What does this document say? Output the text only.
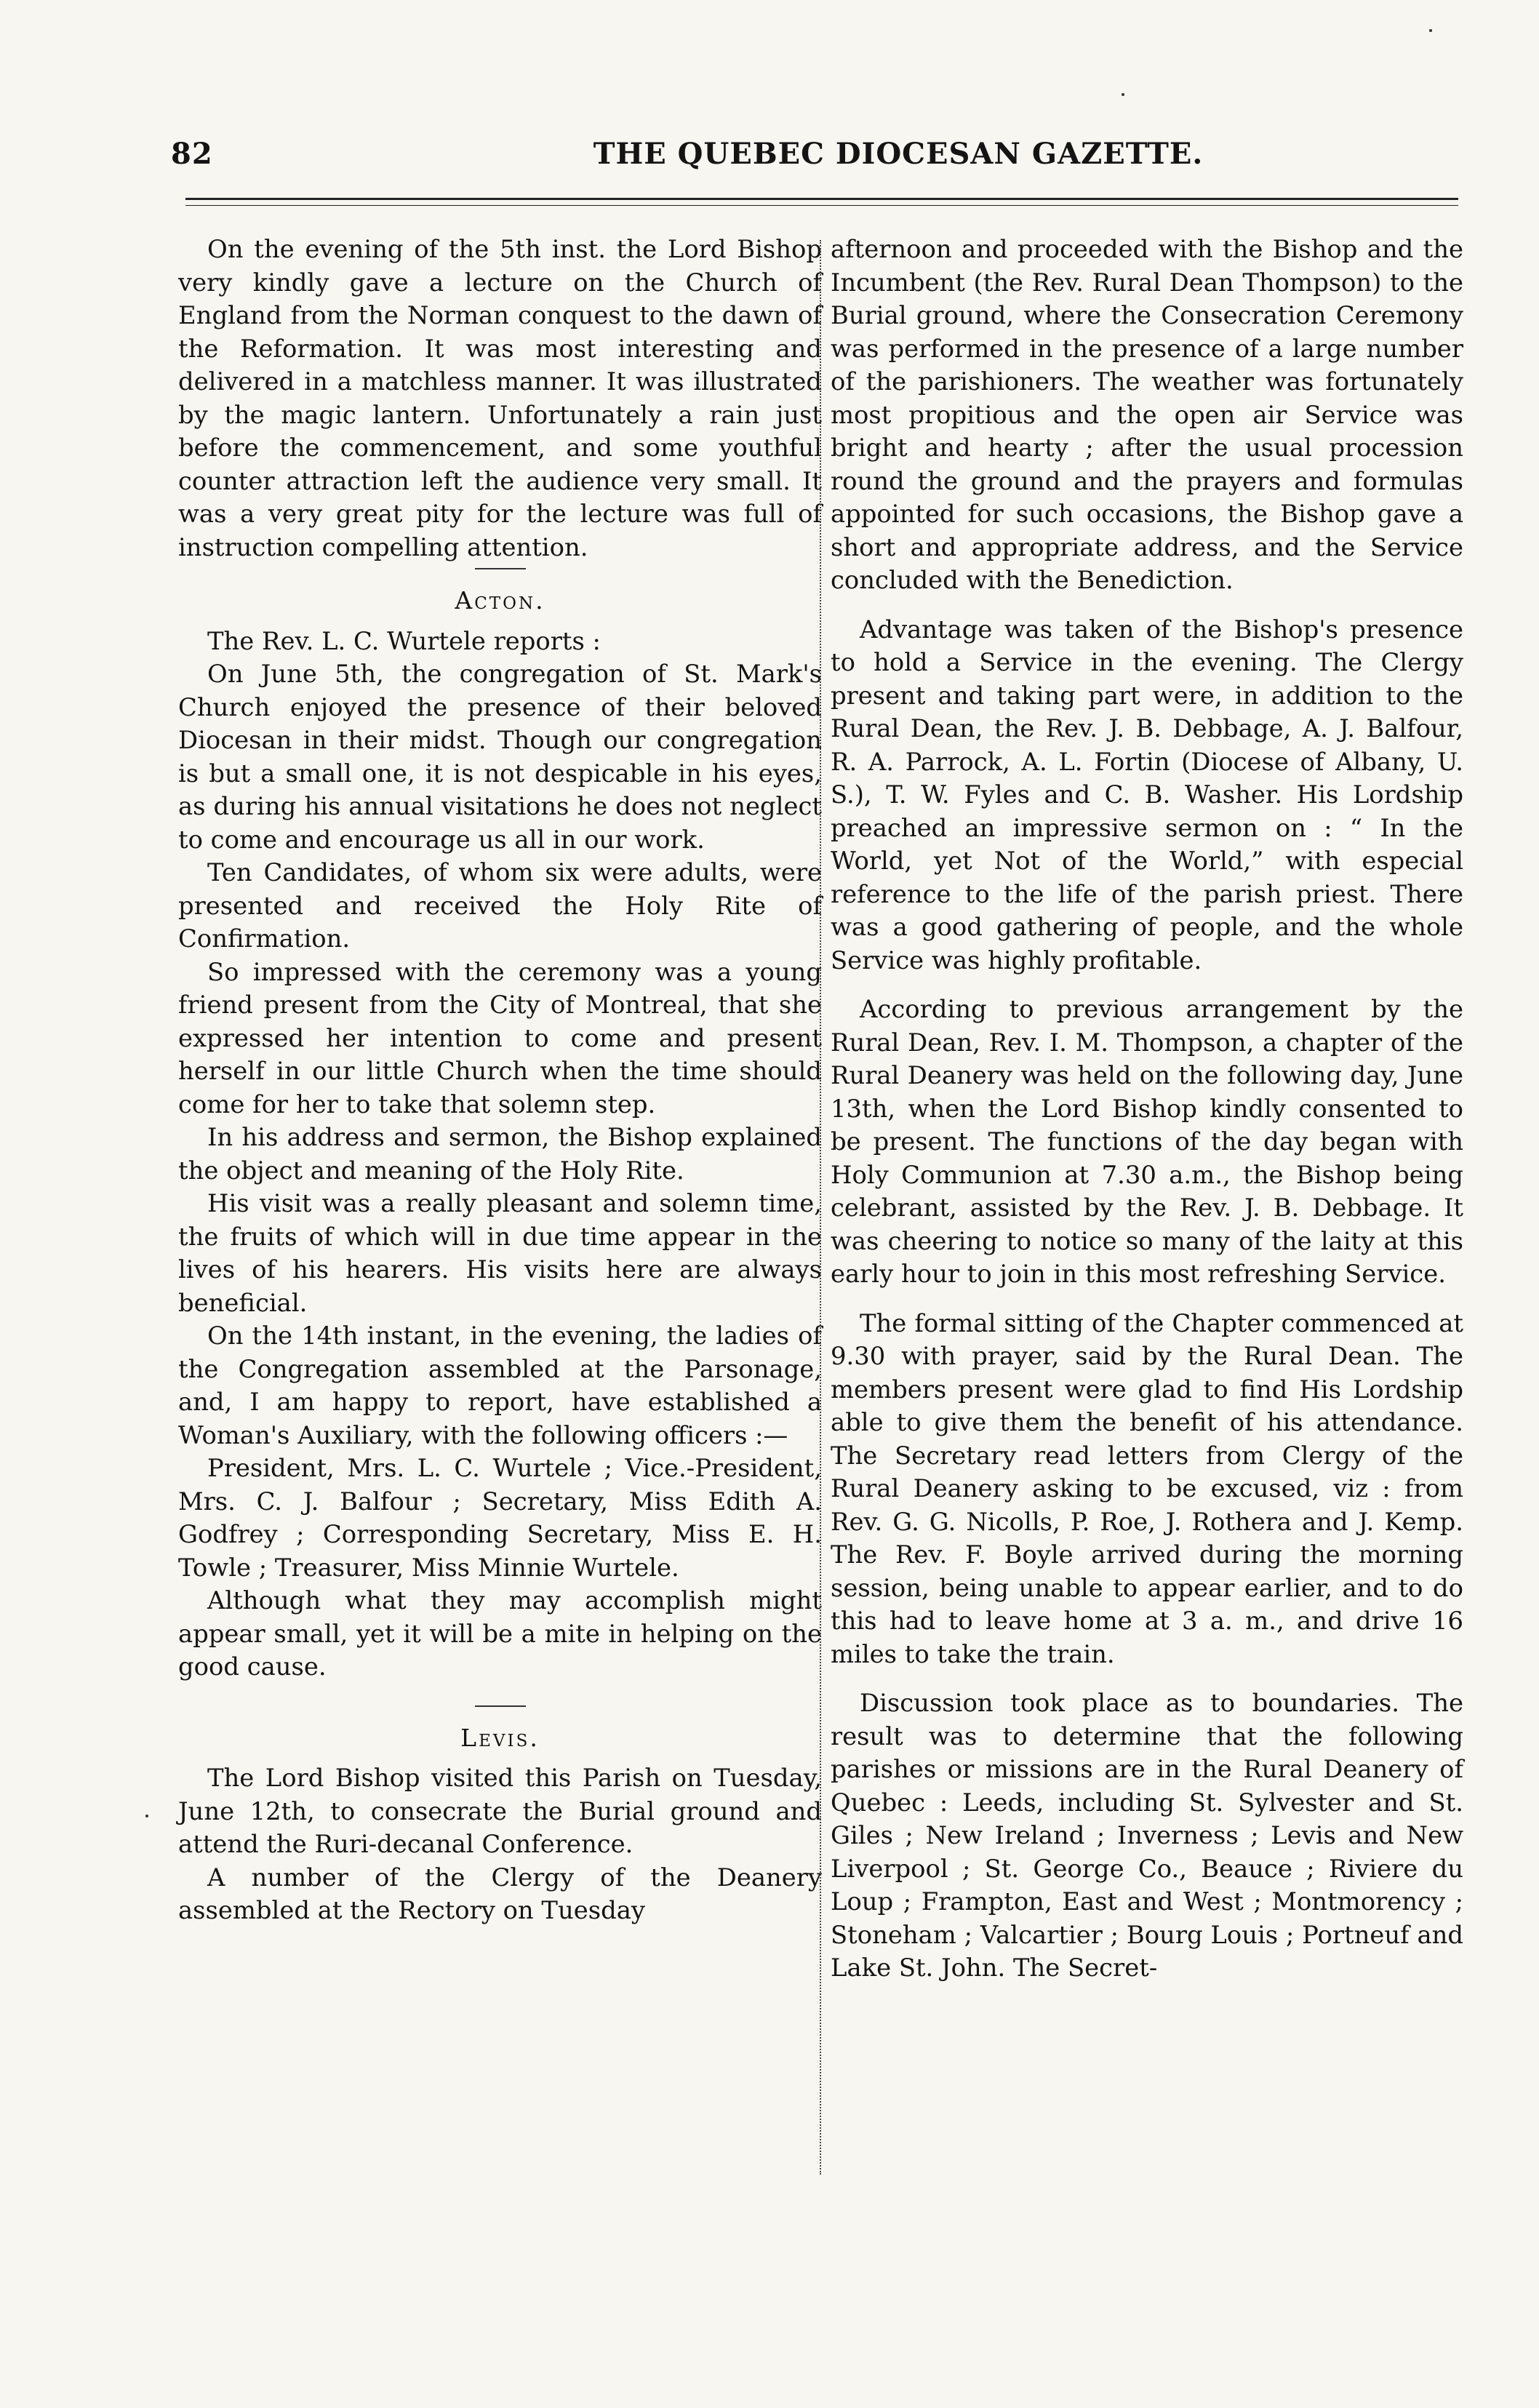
82	THE QUEBEC DIOCESAN GAZETTE.

On the evening of the 5th inst. the Lord Bishop very kindly gave a lecture on the Church of England from the Norman conquest to the dawn of the Reformation. It was most interesting and delivered in a matchless manner. It was illustrated by the magic lantern. Unfortunately a rain just before the commencement, and some youthful counter attraction left the audience very small. It was a very great pity for the lecture was full of instruction compelling attention.

Acton.

The Rev. L. C. Wurtele reports :

On June 5th, the congregation of St. Mark's Church enjoyed the presence of their beloved Diocesan in their midst. Though our congregation is but a small one, it is not despicable in his eyes, as during his annual visitations he does not neglect to come and encourage us all in our work.

Ten Candidates, of whom six were adults, were presented and received the Holy Rite of Confirmation.

So impressed with the ceremony was a young friend present from the City of Montreal, that she expressed her intention to come and present herself in our little Church when the time should come for her to take that solemn step.

In his address and sermon, the Bishop explained the object and meaning of the Holy Rite.

His visit was a really pleasant and solemn time, the fruits of which will in due time appear in the lives of his hearers. His visits here are always beneficial.

On the 14th instant, in the evening, the ladies of the Congregation assembled at the Parsonage, and, I am happy to report, have established a Woman's Auxiliary, with the following officers :—

President, Mrs. L. C. Wurtele ; Vice.-President, Mrs. C. J. Balfour ; Secretary, Miss Edith A. Godfrey ; Corresponding Secretary, Miss E. H. Towle ; Treasurer, Miss Minnie Wurtele.

Although what they may accomplish might appear small, yet it will be a mite in helping on the good cause.

Levis.

The Lord Bishop visited this Parish on Tuesday, June 12th, to consecrate the Burial ground and attend the Ruri-decanal Conference.

A number of the Clergy of the Deanery assembled at the Rectory on Tuesday

afternoon and proceeded with the Bishop and the Incumbent (the Rev. Rural Dean Thompson) to the Burial ground, where the Consecration Ceremony was performed in the presence of a large number of the parishioners. The weather was fortunately most propitious and the open air Service was bright and hearty ; after the usual procession round the ground and the prayers and formulas appointed for such occasions, the Bishop gave a short and appropriate address, and the Service concluded with the Benediction.

Advantage was taken of the Bishop's presence to hold a Service in the evening. The Clergy present and taking part were, in addition to the Rural Dean, the Rev. J. B. Debbage, A. J. Balfour, R. A. Parrock, A. L. Fortin (Diocese of Albany, U. S.), T. W. Fyles and C. B. Washer. His Lordship preached an impressive sermon on : “ In the World, yet Not of the World,” with especial reference to the life of the parish priest. There was a good gathering of people, and the whole Service was highly profitable.

According to previous arrangement by the Rural Dean, Rev. I. M. Thompson, a chapter of the Rural Deanery was held on the following day, June 13th, when the Lord Bishop kindly consented to be present. The functions of the day began with Holy Communion at 7.30 a.m., the Bishop being celebrant, assisted by the Rev. J. B. Debbage. It was cheering to notice so many of the laity at this early hour to join in this most refreshing Service.

The formal sitting of the Chapter commenced at 9.30 with prayer, said by the Rural Dean. The members present were glad to find His Lordship able to give them the benefit of his attendance. The Secretary read letters from Clergy of the Rural Deanery asking to be excused, viz : from Rev. G. G. Nicolls, P. Roe, J. Rothera and J. Kemp. The Rev. F. Boyle arrived during the morning session, being unable to appear earlier, and to do this had to leave home at 3 a. m., and drive 16 miles to take the train.

Discussion took place as to boundaries. The result was to determine that the following parishes or missions are in the Rural Deanery of Quebec : Leeds, including St. Sylvester and St. Giles ; New Ireland ; Inverness ; Levis and New Liverpool ; St. George Co., Beauce ; Riviere du Loup ; Frampton, East and West ; Montmorency ; Stoneham ; Valcartier ; Bourg Louis ; Portneuf and Lake St. John. The Secret-
